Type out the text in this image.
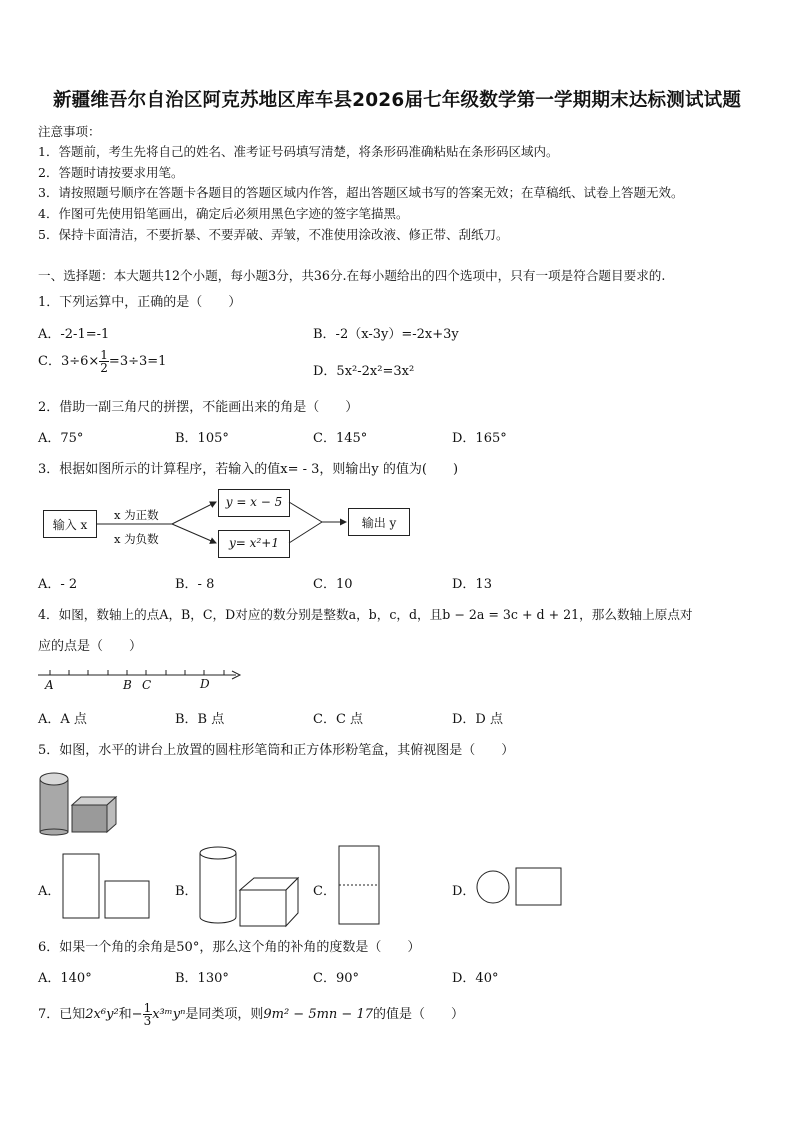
新疆维吾尔自治区阿克苏地区库车县2026届七年级数学第一学期期末达标测试试题
注意事项：
1．答题前，考生先将自己的姓名、准考证号码填写清楚，将条形码准确粘贴在条形码区域内。
2．答题时请按要求用笔。
3．请按照题号顺序在答题卡各题目的答题区域内作答，超出答题区域书写的答案无效；在草稿纸、试卷上答题无效。
4．作图可先使用铅笔画出，确定后必须用黑色字迹的签字笔描黑。
5．保持卡面清洁，不要折暴、不要弄破、弄皱，不准使用涂改液、修正带、刮纸刀。
一、选择题：本大题共12个小题，每小题3分，共36分.在每小题给出的四个选项中，只有一项是符合题目要求的.
1．下列运算中，正确的是（　　）
A．-2-1=-1	B．-2（x-3y）=-2x+3y
C．$3\div 6\times \frac{1}{2} =3\div 3=1$
D．5x²-2x²=3x²
2．借助一副三角尺的拼摆，不能画出来的角是（　　）
A．75°	B．105°	C．145°	D．165°
3．根据如图所示的计算程序，若输入的值x= - 3，则输出y 的值为(　　)
输入 x
x 为正数
x 为负数
y = x − 5
y= x²+1
输出 y
A．- 2	B．- 8	C．10	D．13
4．如图，数轴上的点A，B，C，D对应的数分别是整数a，b，c，d，且b − 2a = 3c + d + 21，那么数轴上原点对
应的点是（　　）
A	B C	D
A．A 点	B．B 点	C．C 点	D．D 点
5．如图，水平的讲台上放置的圆柱形笔筒和正方体形粉笔盒，其俯视图是（　　）
A．	B．	C．	D．
6．如果一个角的余角是50°，那么这个角的补角的度数是（　　）
A．140°	B．130°	C．90°	D．40°
7．已知2x⁶y²和− $\frac{1}{3}$ x³ᵐyⁿ是同类项，则9m² − 5mn − 17的值是（　　）
